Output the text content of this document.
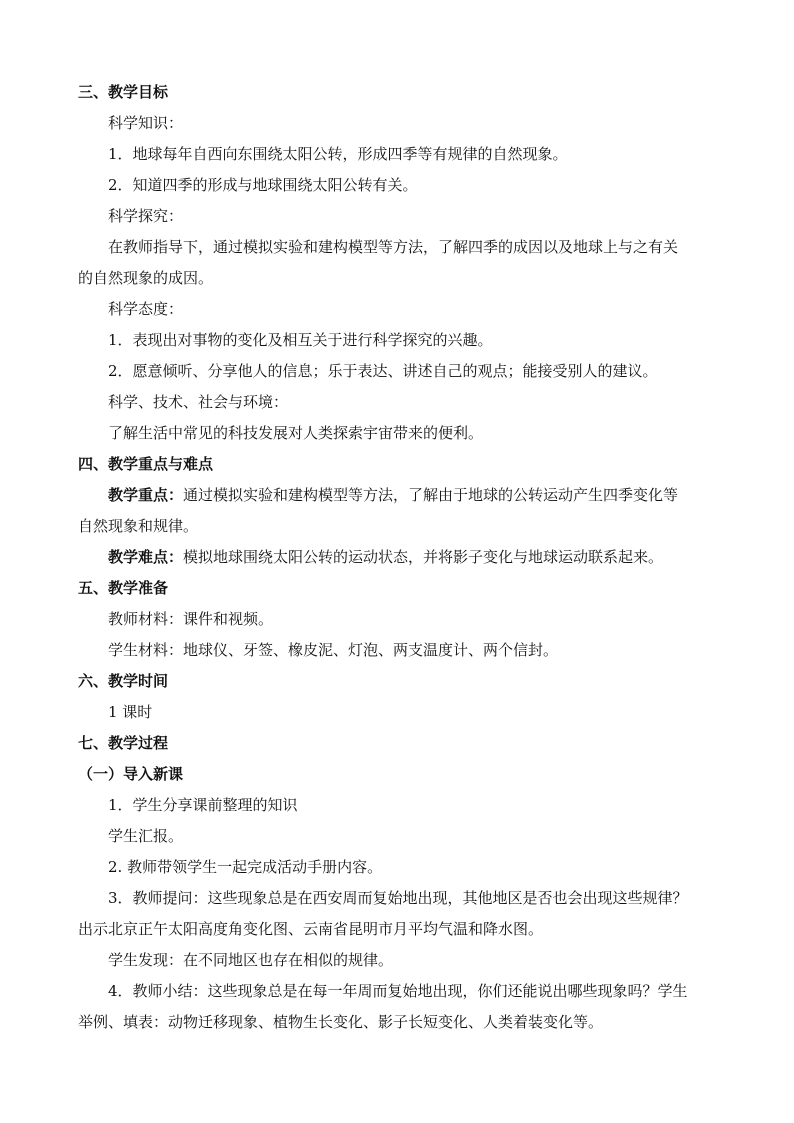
三、教学目标
科学知识：
1．地球每年自西向东围绕太阳公转，形成四季等有规律的自然现象。
2．知道四季的形成与地球围绕太阳公转有关。
科学探究：
在教师指导下，通过模拟实验和建构模型等方法，了解四季的成因以及地球上与之有关
的自然现象的成因。
科学态度：
1．表现出对事物的变化及相互关于进行科学探究的兴趣。
2．愿意倾听、分享他人的信息；乐于表达、讲述自己的观点；能接受别人的建议。
科学、技术、社会与环境：
了解生活中常见的科技发展对人类探索宇宙带来的便利。
四、教学重点与难点
教学重点：通过模拟实验和建构模型等方法，了解由于地球的公转运动产生四季变化等
自然现象和规律。
教学难点：模拟地球围绕太阳公转的运动状态，并将影子变化与地球运动联系起来。
五、教学准备
教师材料：课件和视频。
学生材料：地球仪、牙签、橡皮泥、灯泡、两支温度计、两个信封。
六、教学时间
1 课时
七、教学过程
（一）导入新课
1．学生分享课前整理的知识
学生汇报。
2. 教师带领学生一起完成活动手册内容。
3．教师提问：这些现象总是在西安周而复始地出现，其他地区是否也会出现这些规律？
出示北京正午太阳高度角变化图、云南省昆明市月平均气温和降水图。
学生发现：在不同地区也存在相似的规律。
4．教师小结：这些现象总是在每一年周而复始地出现，你们还能说出哪些现象吗？学生
举例、填表：动物迁移现象、植物生长变化、影子长短变化、人类着装变化等。
